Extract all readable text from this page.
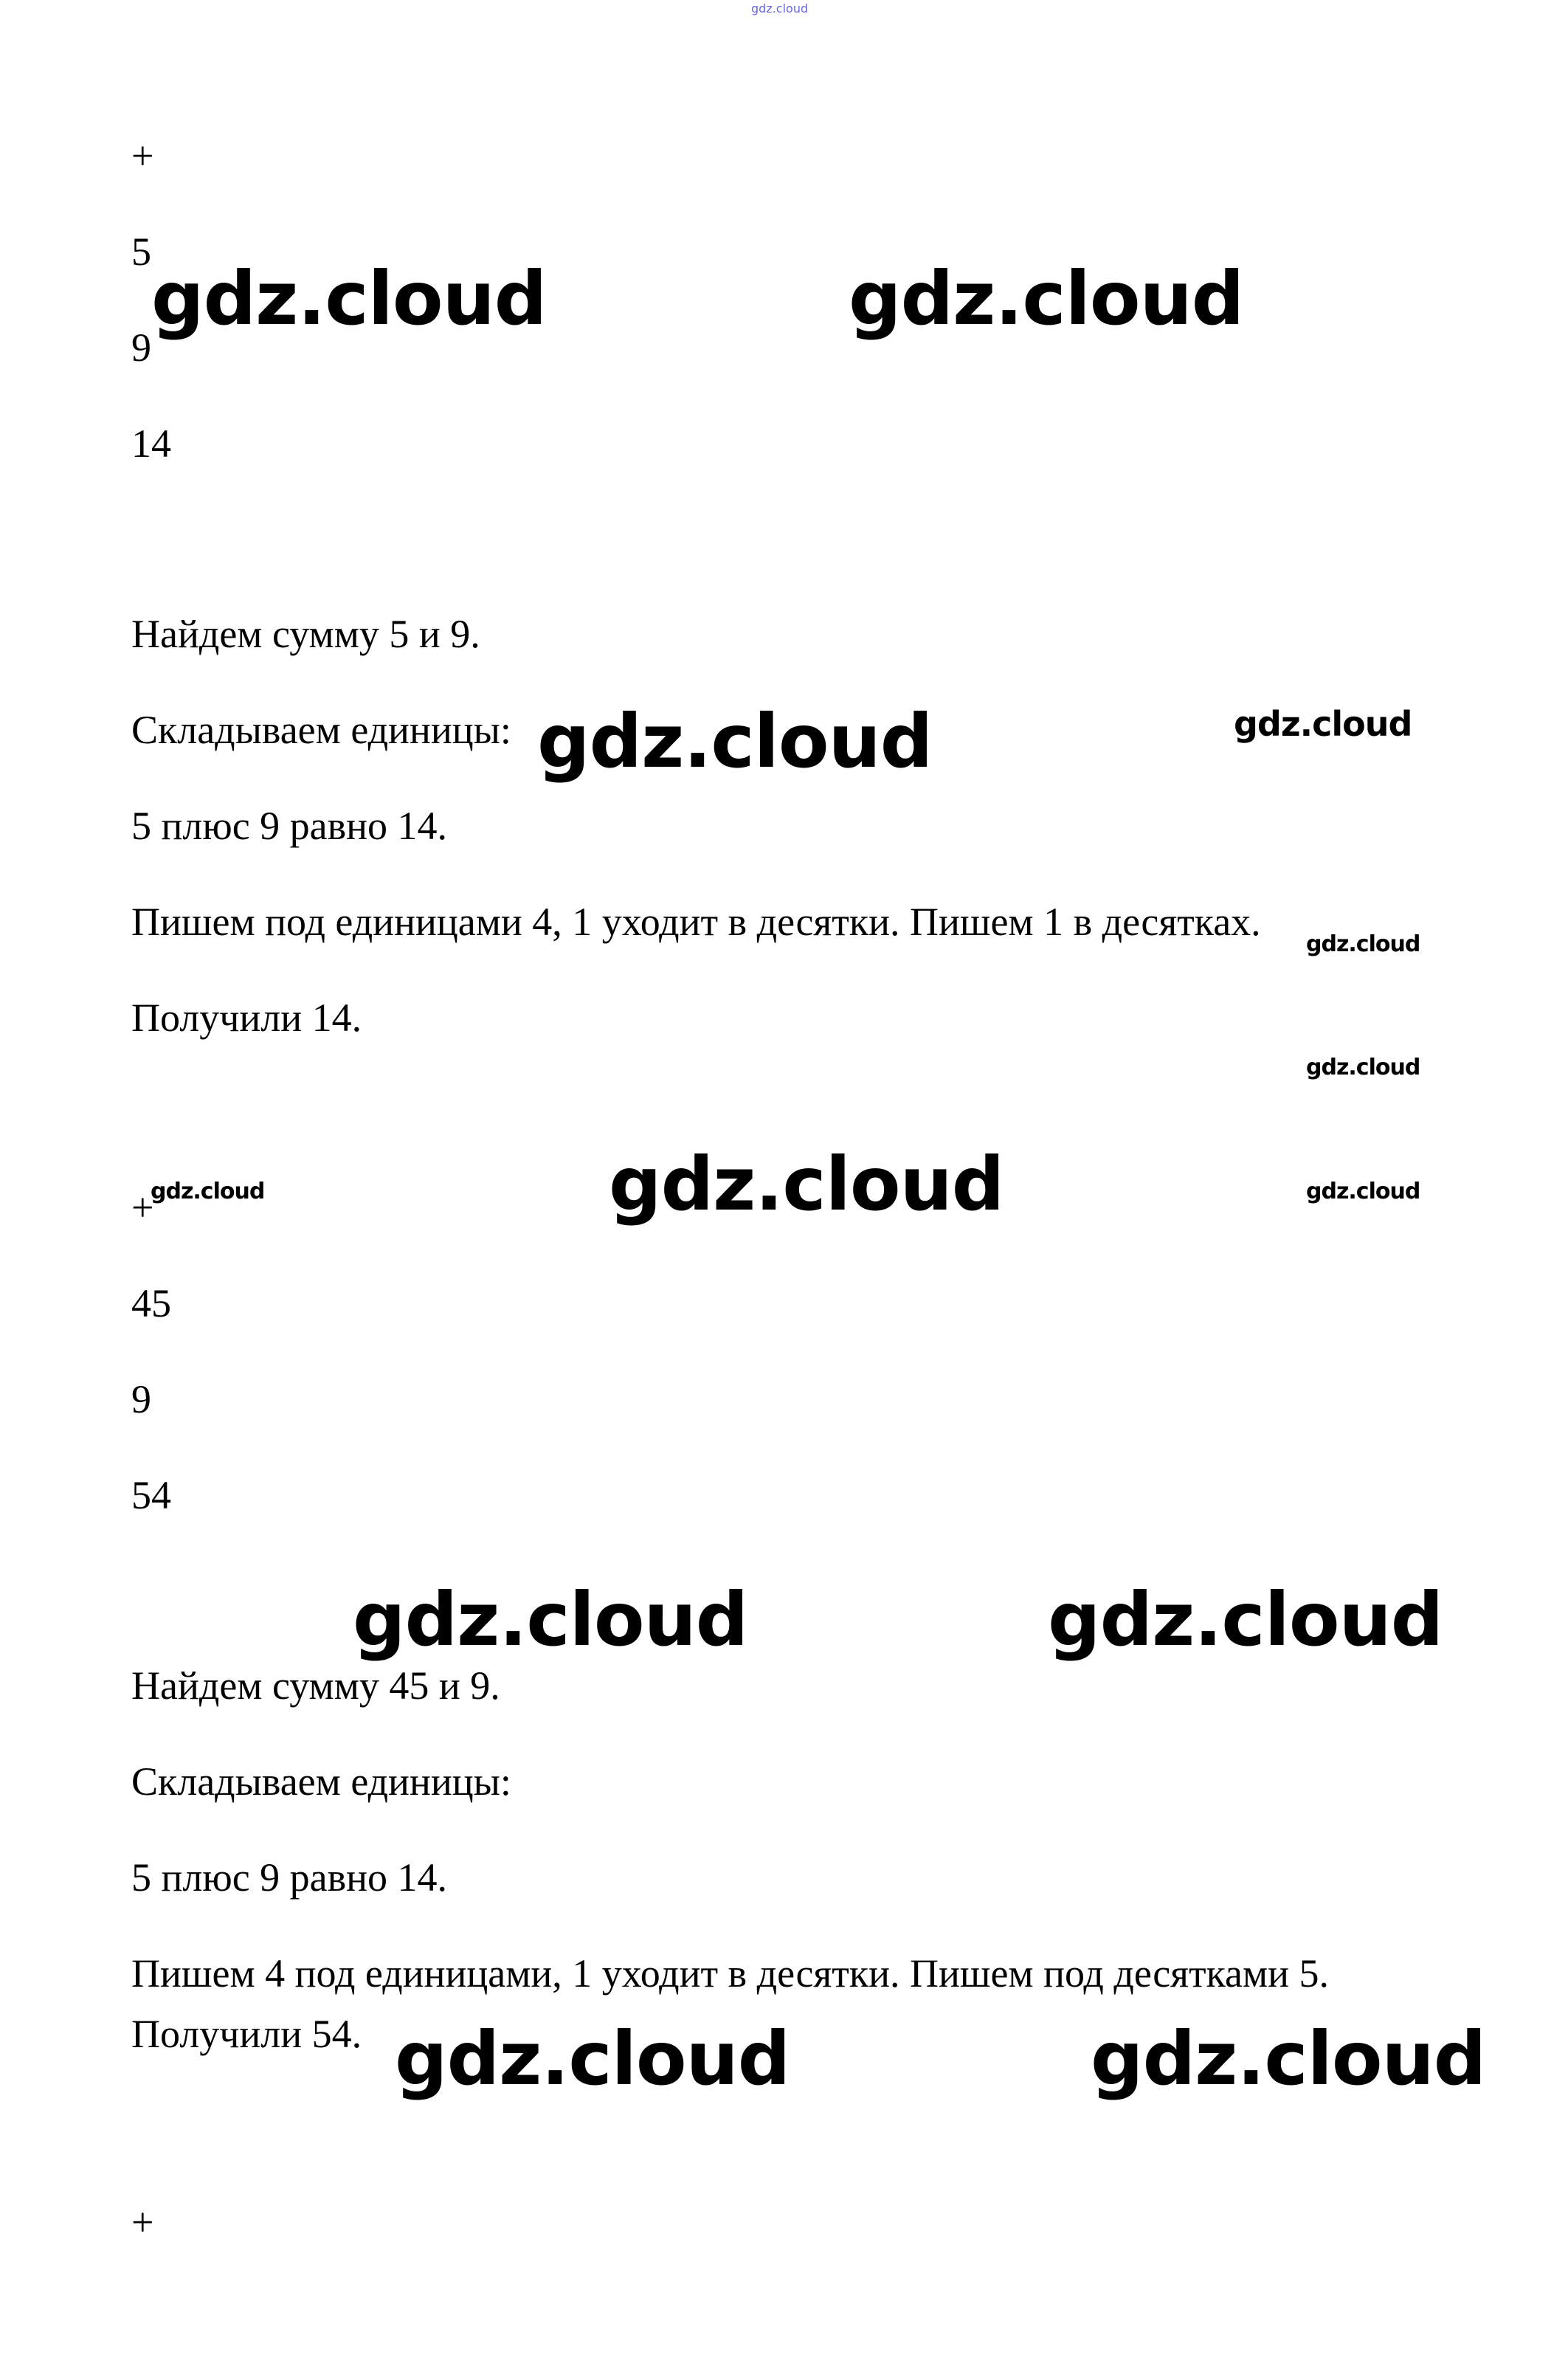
gdz.cloud
+
5
9
14
Найдем сумму 5 и 9.
Складываем единицы:
5 плюс 9 равно 14.
Пишем под единицами 4, 1 уходит в десятки. Пишем 1 в десятках.
Получили 14.
+
45
9
54
Найдем сумму 45 и 9.
Складываем единицы:
5 плюс 9 равно 14.
Пишем 4 под единицами, 1 уходит в десятки. Пишем под десятками 5.
Получили 54.
+
gdz.cloud	gdz.cloud
gdz.cloud	gdz.cloud
gdz.cloud
gdz.cloud
gdz.cloud	gdz.cloud	gdz.cloud
gdz.cloud	gdz.cloud
gdz.cloud	gdz.cloud
